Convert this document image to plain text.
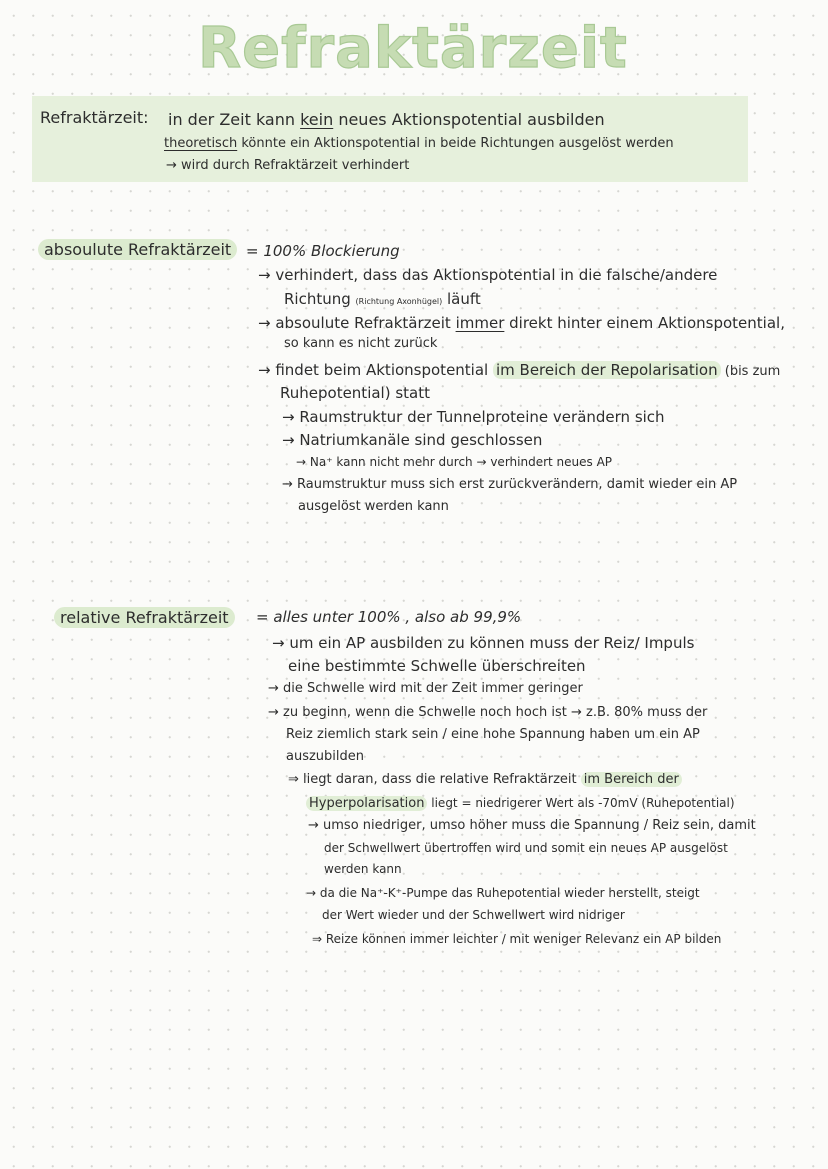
Refraktärzeit
Refraktärzeit: in der Zeit kann kein neues Aktionspotential ausbilden
theoretisch könnte ein Aktionspotential in beide Richtungen ausgelöst werden
→ wird durch Refraktärzeit verhindert
absoulute Refraktärzeit = 100% Blockierung
→ verhindert, dass das Aktionspotential in die falsche/andere
Richtung (Richtung Axonhügel) läuft
→ absoulute Refraktärzeit immer direkt hinter einem Aktionspotential,
so kann es nicht zurück
→ findet beim Aktionspotential im Bereich der Repolarisation (bis zum
Ruhepotential) statt
→ Raumstruktur der Tunnelproteine verändern sich
→ Natriumkanäle sind geschlossen
→ Na⁺ kann nicht mehr durch → verhindert neues AP
→ Raumstruktur muss sich erst zurückverändern, damit wieder ein AP
ausgelöst werden kann
relative Refraktärzeit	= alles unter 100% , also ab 99,9%
→ um ein AP ausbilden zu können muss der Reiz/ Impuls
eine bestimmte Schwelle überschreiten
→ die Schwelle wird mit der Zeit immer geringer
→ zu beginn, wenn die Schwelle noch hoch ist → z.B. 80% muss der
Reiz ziemlich stark sein / eine hohe Spannung haben um ein AP
auszubilden
⇒ liegt daran, dass die relative Refraktärzeit im Bereich der
Hyperpolarisation liegt = niedrigerer Wert als -70mV (Ruhepotential)
→ umso niedriger, umso höher muss die Spannung / Reiz sein, damit
der Schwellwert übertroffen wird und somit ein neues AP ausgelöst
werden kann
→ da die Na⁺-K⁺-Pumpe das Ruhepotential wieder herstellt, steigt
der Wert wieder und der Schwellwert wird nidriger
⇒ Reize können immer leichter / mit weniger Relevanz ein AP bilden
